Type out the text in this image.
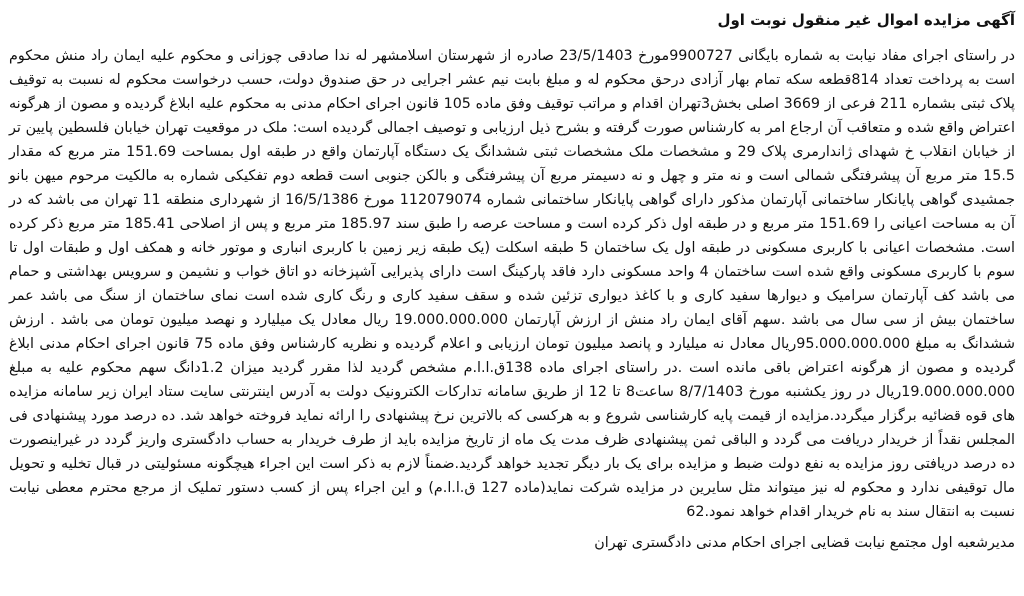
آگهی مزایده اموال غیر منقول نوبت اول

در راستای اجرای مفاد نیابت به شماره بایگانی 9900727مورخ 23/5/1403 صادره از شهرستان اسلامشهر له ندا صادقی چوزانی و محکوم علیه ایمان راد منش محکوم است به پرداخت تعداد 814قطعه سکه تمام بهار آزادی درحق محکوم له و مبلغ بابت نیم عشر اجرایی در حق صندوق دولت، حسب درخواست محکوم له نسبت به توقیف پلاک ثبتی بشماره 211 فرعی از 3669 اصلی بخش3تهران اقدام و مراتب توقیف وفق ماده 105 قانون اجرای احکام مدنی به محکوم علیه ابلاغ گردیده و مصون از هرگونه اعتراض واقع شده و متعاقب آن ارجاع امر به کارشناس صورت گرفته و بشرح ذیل ارزیابی و توصیف اجمالی گردیده است: ملک در موقعیت تهران خیابان فلسطین پایین تر از خیابان انقلاب خ شهدای ژاندارمری پلاک 29 و مشخصات ملک مشخصات ثبتی ششدانگ یک دستگاه آپارتمان واقع در طبقه اول بمساحت 151.69 متر مربع که مقدار 15.5 متر مربع آن پیشرفتگی شمالی است و نه متر و چهل و نه دسیمتر مربع آن پیشرفتگی و بالکن جنوبی است قطعه دوم تفکیکی شماره به مالکیت مرحوم میهن بانو جمشیدی گواهی پایانکار ساختمانی آپارتمان مذکور دارای گواهی پایانکار ساختمانی شماره 112079074 مورخ 16/5/1386 از شهرداری منطقه 11 تهران می باشد که در آن به مساحت اعیانی را 151.69 متر مربع و در طبقه اول ذکر کرده است و مساحت عرصه را طبق سند 185.97 متر مربع و پس از اصلاحی 185.41 متر مربع ذکر کرده است. مشخصات اعیانی با کاربری مسکونی در طبقه اول یک ساختمان 5 طبقه اسکلت (یک طبقه زیر زمین با کاربری انباری و موتور خانه و همکف اول و طبقات اول تا سوم با کاربری مسکونی واقع شده است ساختمان 4 واحد مسکونی دارد فاقد پارکینگ است دارای پذیرایی آشپزخانه دو اتاق خواب و نشیمن و سرویس بهداشتی و حمام می باشد کف آپارتمان سرامیک و دیوارها سفید کاری و با کاغذ دیواری تزئین شده و سقف سفید کاری و رنگ کاری شده است نمای ساختمان از سنگ می باشد عمر ساختمان بیش از سی سال می باشد .سهم آقای ایمان راد منش از ارزش آپارتمان 19.000.000.000 ریال معادل یک میلیارد و نهصد میلیون تومان می باشد . ارزش ششدانگ به مبلغ 95.000.000.000ریال معادل نه میلیارد و پانصد میلیون تومان ارزیابی و اعلام گردیده و نظریه کارشناس وفق ماده 75 قانون اجرای احکام مدنی ابلاغ گردیده و مصون از هرگونه اعتراض باقی مانده است .در راستای اجرای ماده 138ق.ا.ا.م مشخص گردید لذا مقرر گردید میزان 1.2دانگ سهم محکوم علیه به مبلغ 19.000.000.000ریال در روز یکشنبه مورخ 8/7/1403 ساعت8 تا 12 از طریق سامانه تدارکات الکترونیک دولت به آدرس اینترنتی سایت ستاد ایران زیر سامانه مزایده های قوه قضائیه برگزار میگردد.مزایده از قیمت پایه کارشناسی شروع و به هرکسی که بالاترین نرخ پیشنهادی را ارائه نماید فروخته خواهد شد. ده درصد مورد پیشنهادی فی المجلس نقداً از خریدار دریافت می گردد و الباقی ثمن پیشنهادی ظرف مدت یک ماه از تاریخ مزایده باید از طرف خریدار به حساب دادگستری واریز گردد در غیراینصورت ده درصد دریافتی روز مزایده به نفع دولت ضبط و مزایده برای یک بار دیگر تجدید خواهد گردید.ضمناً لازم به ذکر است این اجراء هیچگونه مسئولیتی در قبال تخلیه و تحویل مال توقیفی ندارد و محکوم له نیز میتواند مثل سایرین در مزایده شرکت نماید(ماده 127 ق.ا.ا.م) و این اجراء پس از کسب دستور تملیک از مرجع محترم معطی نیابت نسبت به انتقال سند به نام خریدار اقدام خواهد نمود.62

مدیرشعبه اول مجتمع نیابت قضایی اجرای احکام مدنی دادگستری تهران
